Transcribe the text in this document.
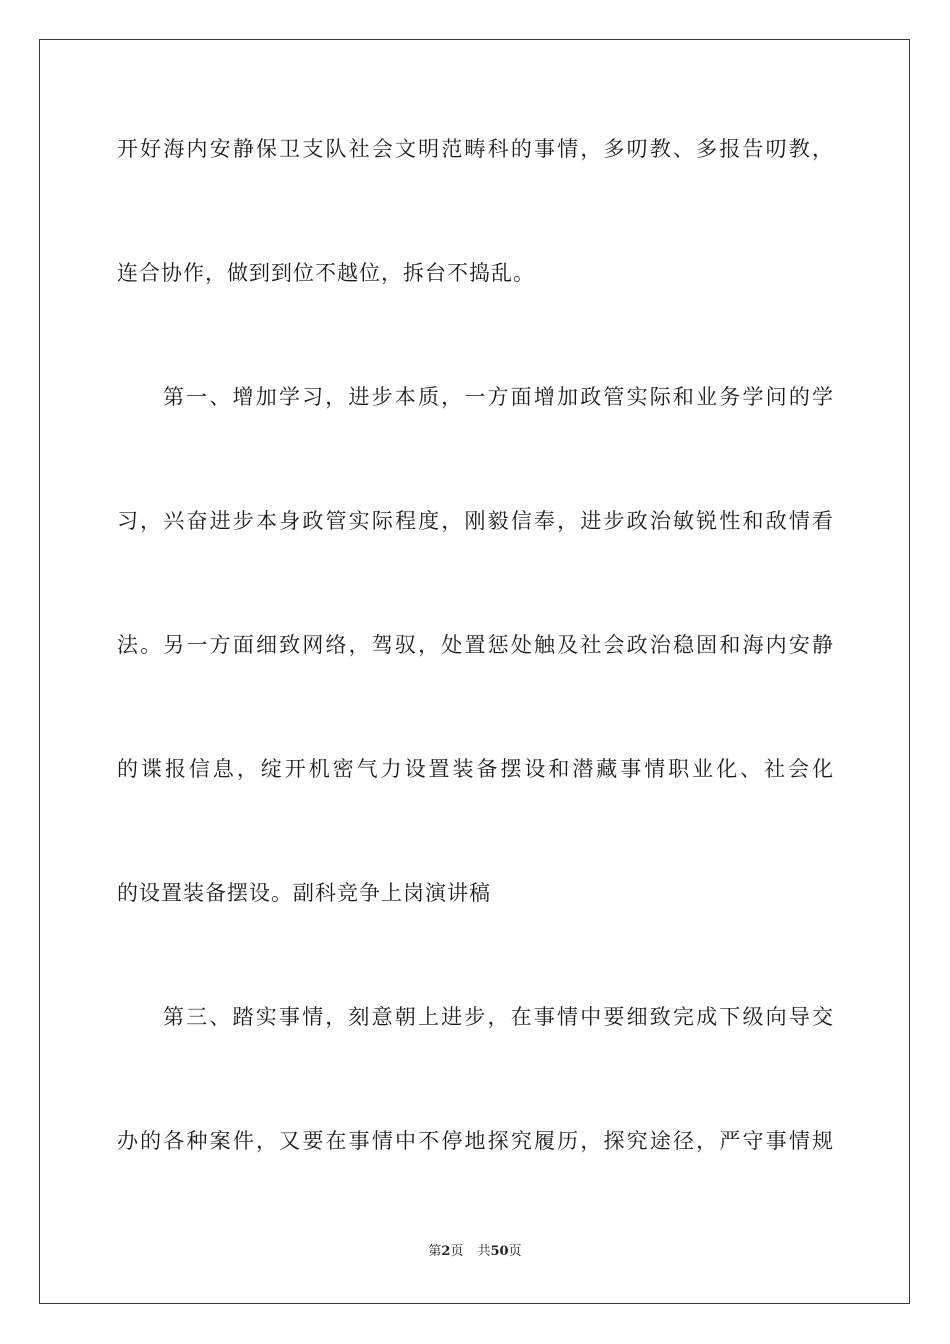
开好海内安静保卫支队社会文明范畴科的事情，多叨教、多报告叨教，
连合协作，做到到位不越位，拆台不捣乱。
第一、增加学习，进步本质，一方面增加政管实际和业务学问的学
习，兴奋进步本身政管实际程度，刚毅信奉，进步政治敏锐性和敌情看
法。另一方面细致网络，驾驭，处置惩处触及社会政治稳固和海内安静
的谍报信息，绽开机密气力设置装备摆设和潜藏事情职业化、社会化
的设置装备摆设。副科竞争上岗演讲稿
第三、踏实事情，刻意朝上进步，在事情中要细致完成下级向导交
办的各种案件，又要在事情中不停地探究履历，探究途径，严守事情规
第2页 共50页
